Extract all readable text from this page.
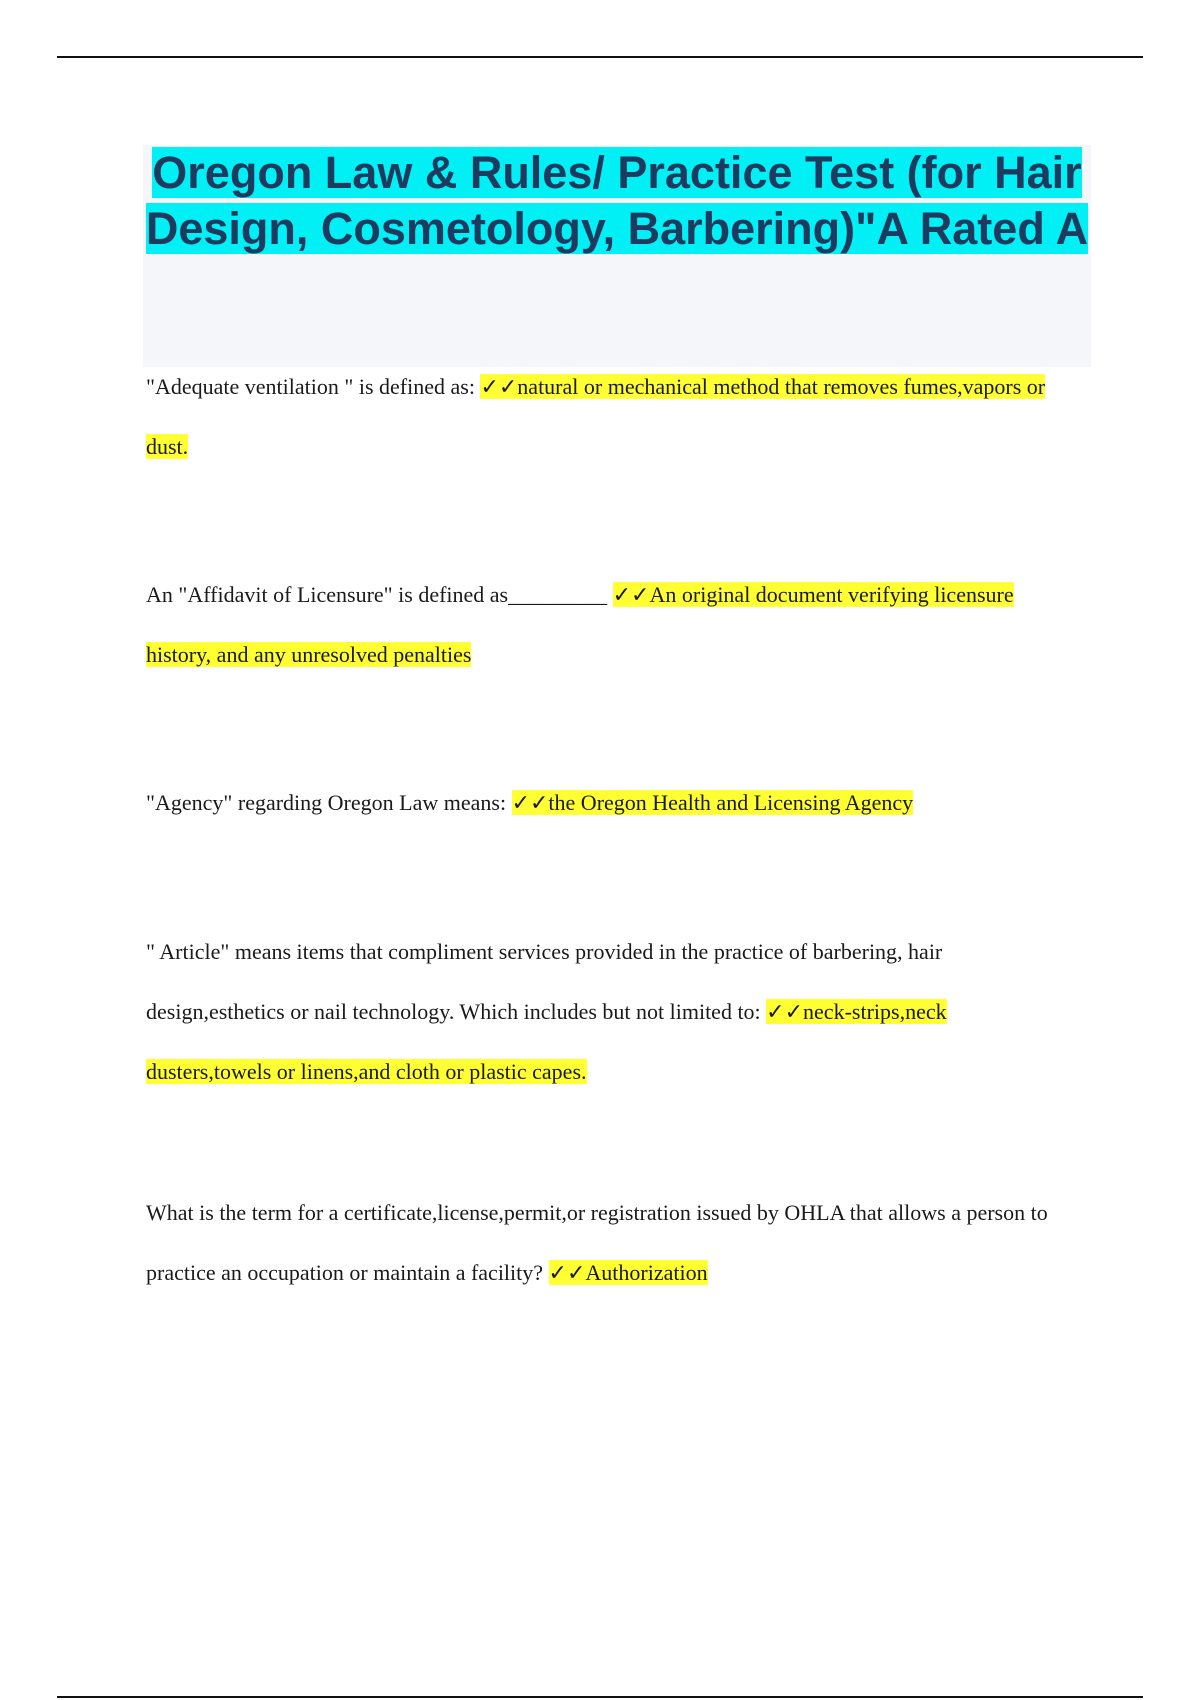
Oregon Law & Rules/ Practice Test (for Hair Design, Cosmetology, Barbering)"A Rated A

"Adequate ventilation " is defined as: ✓✓natural or mechanical method that removes fumes,vapors or dust.

An "Affidavit of Licensure" is defined as_________ ✓✓An original document verifying licensure history, and any unresolved penalties

"Agency" regarding Oregon Law means: ✓✓the Oregon Health and Licensing Agency

" Article" means items that compliment services provided in the practice of barbering, hair design,esthetics or nail technology. Which includes but not limited to: ✓✓neck-strips,neck dusters,towels or linens,and cloth or plastic capes.

What is the term for a certificate,license,permit,or registration issued by OHLA that allows a person to practice an occupation or maintain a facility? ✓✓Authorization
